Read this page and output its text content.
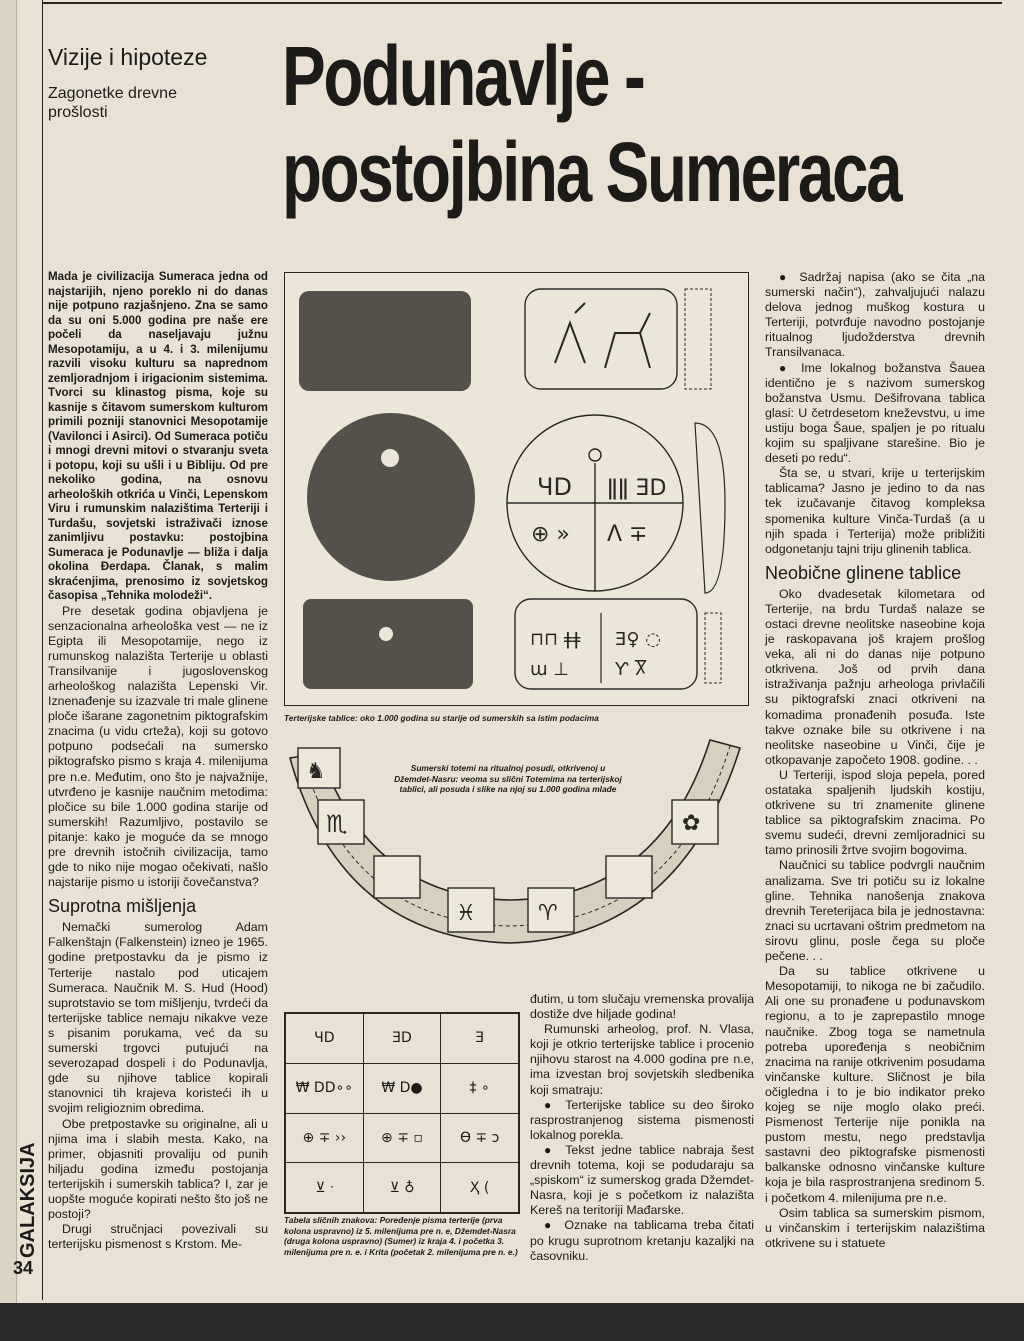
Vizije i hipoteze
Zagonetke drevne prošlosti	Podunavlje -
postojbina Sumeraca

Mada je civilizacija Sumeraca jedna od najstarijih, njeno poreklo ni do danas nije potpuno razjašnjeno. Zna se samo da su oni 5.000 godina pre naše ere počeli da naseljavaju južnu Mesopotamiju, a u 4. i 3. milenijumu razvili visoku kulturu sa naprednom zemljoradnjom i irigacionim sistemima. Tvorci su klinastog pisma, koje su kasnije s čitavom sumerskom kulturom primili pozniji stanovnici Mesopotamije (Vavilonci i Asirci). Od Sumeraca potiču i mnogi drevni mitovi o stvaranju sveta i potopu, koji su ušli i u Bibliju. Od pre nekoliko godina, na osnovu arheoloških otkrića u Vinči, Lepenskom Viru i rumunskim nalazištima Terteriji i Turdašu, sovjetski istraživači iznose zanimljivu postavku: postojbina Sumeraca je Podunavlje — bliža i dalja okolina Đerdapa. Članak, s malim skraćenjima, prenosimo iz sovjetskog časopisa „Tehnika molodeži“.

Pre desetak godina objavljena je senzacionalna arheološka vest — ne iz Egipta ili Mesopotamije, nego iz rumunskog nalazišta Terterije u oblasti Transilvanije i jugoslovenskog arheološkog nalazišta Lepenski Vir. Iznenađenje su izazvale tri male glinene ploče išarane zagonetnim piktografskim znacima (u vidu crteža), koji su gotovo potpuno podsećali na sumersko piktografsko pismo s kraja 4. milenijuma pre n.e. Međutim, ono što je najvažnije, utvrđeno je kasnije naučnim metodima: pločice su bile 1.000 godina starije od sumerskih! Razumljivo, postavilo se pitanje: kako je moguće da se mnogo pre drevnih istočnih civilizacija, tamo gde to niko nije mogao očekivati, našlo najstarije pismo u istoriji čovečanstva?

Suprotna mišljenja

Nemački sumerolog Adam Falkenštajn (Falkenstein) izneo je 1965. godine pretpostavku da je pismo iz Terterije nastalo pod uticajem Sumeraca. Naučnik M. S. Hud (Hood) suprotstavio se tom mišljenju, tvrdeći da terterijske tablice nemaju nikakve veze s pisanim porukama, već da su sumerski trgovci putujući na severozapad dospeli i do Podunavlja, gde su njihove tablice kopirali stanovnici tih krajeva koristeći ih u svojim religioznim obredima.

Obe pretpostavke su originalne, ali u njima ima i slabih mesta. Kako, na primer, objasniti provaliju od punih hiljadu godina između postojanja terterijskih i sumerskih tablica? I, zar je uopšte moguće kopirati nešto što još ne postoji?

Drugi stručnjaci povezivali su terterijsku pismenost s Krstom. Me-

ЧD ǁǁ ƎD
⊕ » Ʌ ∓
⊓⊓ ǂǂ Ǝ♀ ◌
ɯ ⊥	Ƴ Ⴟ
Terterijske tablice: oko 1.000 godina su starije od sumerskih sa istim podacima
♏
♞
♓	♈
✿
Sumerski totemi na ritualnoj posudi, otkrivenoj u Džemdet-Nasru: veoma su slični Totemima na terterijskoj tablici, ali posuda i slike na njoj su 1.000 godina mlađe
ЧD	ƎD	Ǝ
₩ DD∘∘	₩ D●	‡ ∘
⊕ ∓ ››	⊕ ∓ ▫	Ɵ ∓ ɔ
⊻ ᐧ	⊻ ♁	Ҳ (
Tabela sličnih znakova: Poređenje pisma terterije (prva kolona uspravno) iz 5. milenijuma pre n. e, Džemdet-Nasra (druga kolona uspravno) (Sumer) iz kraja 4. i početka 3. milenijuma pre n. e. i Krita (početak 2. milenijuma pre n. e.)

đutim, u tom slučaju vremenska provalija dostiže dve hiljade godina!

Rumunski arheolog, prof. N. Vlasa, koji je otkrio terterijske tablice i procenio njihovu starost na 4.000 godina pre n.e, ima izvestan broj sovjetskih sledbenika koji smatraju:

● Terterijske tablice su deo široko rasprostranjenog sistema pismenosti lokalnog porekla.

● Tekst jedne tablice nabraja šest drevnih totema, koji se podudaraju sa „spiskom“ iz sumerskog grada Džemdet-Nasra, koji je s početkom iz nalazišta Kereš na teritoriji Mađarske.

● Oznake na tablicama treba čitati po krugu suprotnom kretanju kazaljki na časovniku.

● Sadržaj napisa (ako se čita „na sumerski način“), zahvaljujući nalazu delova jednog muškog kostura u Terteriji, potvrđuje navodno postojanje ritualnog ljudožderstva drevnih Transilvanaca.

● Ime lokalnog božanstva Šauea identično je s nazivom sumerskog božanstva Usmu. Dešifrovana tablica glasi: U četrdesetom kneževstvu, u ime ustiju boga Šaue, spaljen je po ritualu kojim su spaljivane starešine. Bio je deseti po redu“.

Šta se, u stvari, krije u terterijskim tablicama? Jasno je jedino to da nas tek izučavanje čitavog kompleksa spomenika kulture Vinča-Turdaš (a u njih spada i Terterija) može približiti odgonetanju tajni triju glinenih tablica.

Neobične glinene tablice

Oko dvadesetak kilometara od Terterije, na brdu Turdaš nalaze se ostaci drevne neolitske naseobine koja je raskopavana još krajem prošlog veka, ali ni do danas nije potpuno otkrivena. Još od prvih dana istraživanja pažnju arheologa privlačili su piktografski znaci otkriveni na komadima pronađenih posuđa. Iste takve oznake bile su otkrivene i na neolitske naseobine u Vinči, čije je otkopavanje započeto 1908. godine. . .

U Terteriji, ispod sloja pepela, pored ostataka spaljenih ljudskih kostiju, otkrivene su tri znamenite glinene tablice sa piktografskim znacima. Po svemu sudeći, drevni zemljoradnici su tamo prinosili žrtve svojim bogovima.

Naučnici su tablice podvrgli naučnim analizama. Sve tri potiču su iz lokalne gline. Tehnika nanošenja znakova drevnih Tereterijaca bila je jednostavna: znaci su ucrtavani oštrim predmetom na sirovu glinu, posle čega su ploče pečene. . .

Da su tablice otkrivene u Mesopotamiji, to nikoga ne bi začudilo. Ali one su pronađene u podunavskom regionu, a to je zaprepastilo mnoge naučnike. Zbog toga se nametnula potreba upoređenja s neobičnim znacima na ranije otkrivenim posudama vinčanske kulture. Sličnost je bila očigledna i to je bio indikator preko kojeg se nije moglo olako preći. Pismenost Terterije nije ponikla na pustom mestu, nego predstavlja sastavni deo piktografske pismenosti balkanske odnosno vinčanske kulture koja je bila rasprostranjena sredinom 5. i početkom 4. milenijuma pre n.e.

Osim tablica sa sumerskim pismom, u vinčanskim i terterijskim nalazištima otkrivene su i statuete

GALAKSIJA
34
